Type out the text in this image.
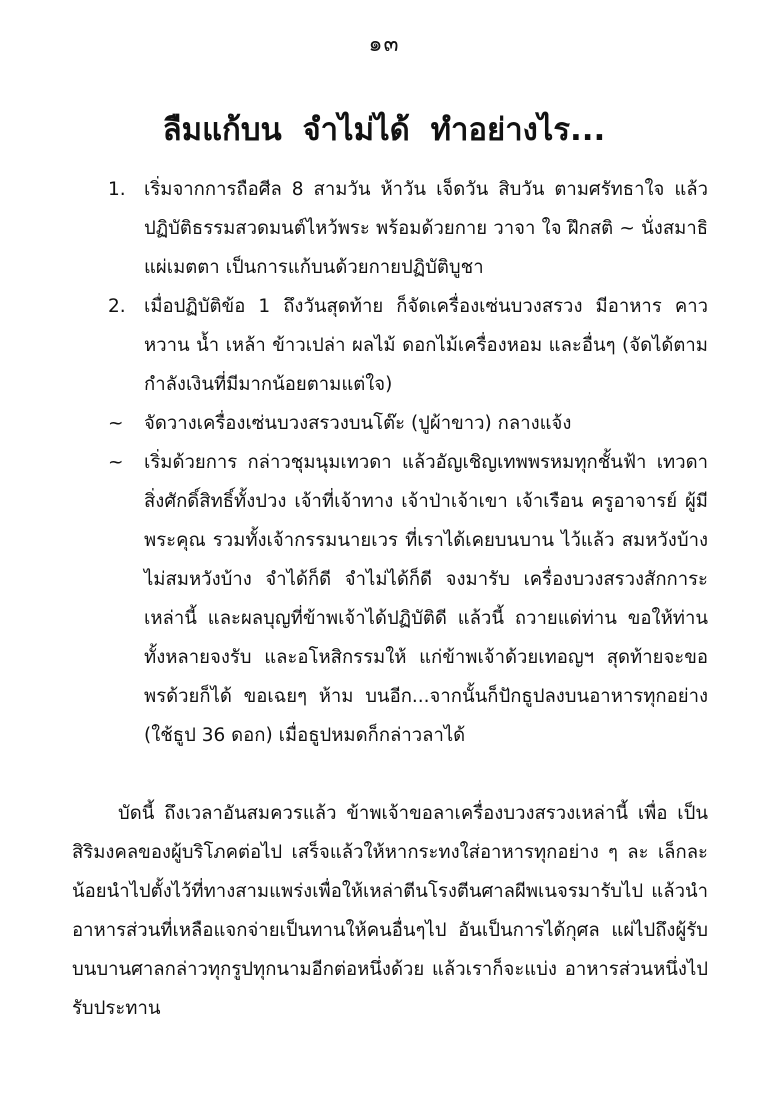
๑๓
ลืมแก้บน จำไม่ได้ ทำอย่างไร...
1. เริ่มจากการถือศีล 8 สามวัน ห้าวัน เจ็ดวัน สิบวัน ตามศรัทธาใจ แล้ว ปฏิบัติธรรมสวดมนต์ไหว้พระ พร้อมด้วยกาย วาจา ใจ ฝึกสติ ~ นั่งสมาธิ แผ่เมตตา เป็นการแก้บนด้วยกายปฏิบัติบูชา
2. เมื่อปฏิบัติข้อ 1 ถึงวันสุดท้าย ก็จัดเครื่องเซ่นบวงสรวง มีอาหาร คาว หวาน น้ำ เหล้า ข้าวเปล่า ผลไม้ ดอกไม้เครื่องหอม และอื่นๆ (จัดได้ตามกำลังเงินที่มีมากน้อยตามแต่ใจ)
~	จัดวางเครื่องเซ่นบวงสรวงบนโต๊ะ (ปูผ้าขาว) กลางแจ้ง
~	เริ่มด้วยการ กล่าวชุมนุมเทวดา แล้วอัญเชิญเทพพรหมทุกชั้นฟ้า เทวดา สิ่งศักดิ์สิทธิ์ทั้งปวง เจ้าที่เจ้าทาง เจ้าป่าเจ้าเขา เจ้าเรือน ครูอาจารย์ ผู้มีพระคุณ รวมทั้งเจ้ากรรมนายเวร ที่เราได้เคยบนบาน ไว้แล้ว สมหวังบ้าง ไม่สมหวังบ้าง จำได้ก็ดี จำไม่ได้ก็ดี จงมารับ เครื่องบวงสรวงสักการะเหล่านี้ และผลบุญที่ข้าพเจ้าได้ปฏิบัติดี แล้วนี้ ถวายแด่ท่าน ขอให้ท่านทั้งหลายจงรับ และอโหสิกรรมให้ แก่ข้าพเจ้าด้วยเทอญฯ สุดท้ายจะขอพรด้วยก็ได้ ขอเฉยๆ ห้าม บนอีก...จากนั้นก็ปักธูปลงบนอาหารทุกอย่าง (ใช้ธูป 36 ดอก) เมื่อธูปหมดก็กล่าวลาได้
บัดนี้ ถึงเวลาอันสมควรแล้ว ข้าพเจ้าขอลาเครื่องบวงสรวงเหล่านี้ เพื่อ เป็นสิริมงคลของผู้บริโภคต่อไป เสร็จแล้วให้หากระทงใส่อาหารทุกอย่าง ๆ ละ เล็กละน้อยนำไปตั้งไว้ที่ทางสามแพร่งเพื่อให้เหล่าตีนโรงตีนศาลผีพเนจรมารับไป แล้วนำอาหารส่วนที่เหลือแจกจ่ายเป็นทานให้คนอื่นๆไป อันเป็นการได้กุศล แผ่ไปถึงผู้รับบนบานศาลกล่าวทุกรูปทุกนามอีกต่อหนึ่งด้วย แล้วเราก็จะแบ่ง อาหารส่วนหนึ่งไปรับประทาน
